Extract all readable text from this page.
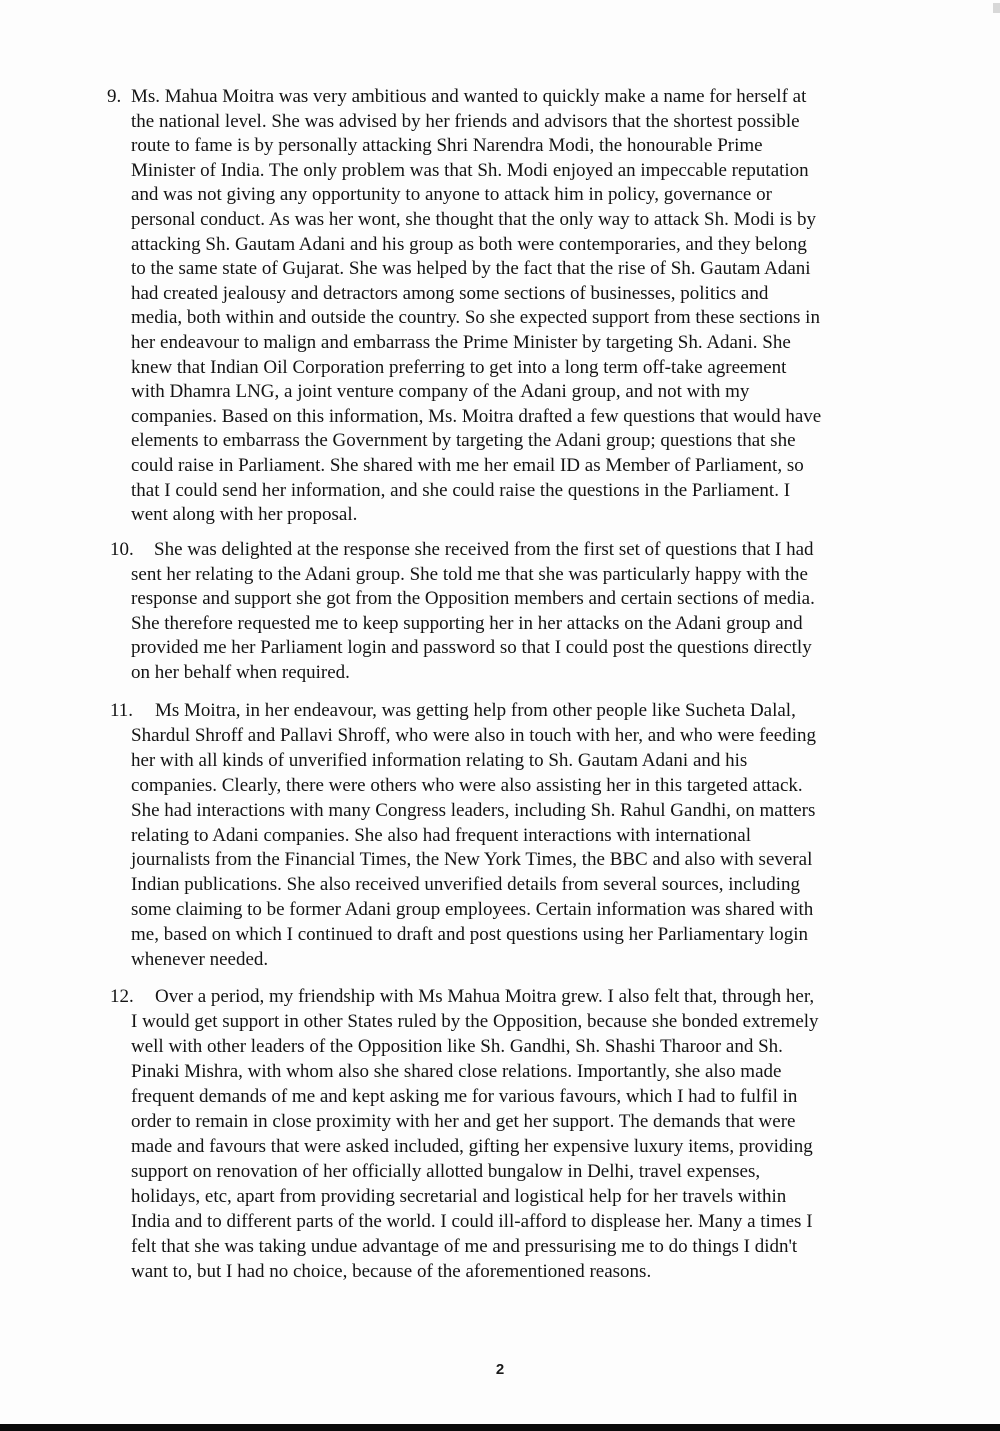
9. Ms. Mahua Moitra was very ambitious and wanted to quickly make a name for herself at
the national level. She was advised by her friends and advisors that the shortest possible
route to fame is by personally attacking Shri Narendra Modi, the honourable Prime
Minister of India. The only problem was that Sh. Modi enjoyed an impeccable reputation
and was not giving any opportunity to anyone to attack him in policy, governance or
personal conduct. As was her wont, she thought that the only way to attack Sh. Modi is by
attacking Sh. Gautam Adani and his group as both were contemporaries, and they belong
to the same state of Gujarat. She was helped by the fact that the rise of Sh. Gautam Adani
had created jealousy and detractors among some sections of businesses, politics and
media, both within and outside the country. So she expected support from these sections in
her endeavour to malign and embarrass the Prime Minister by targeting Sh. Adani. She
knew that Indian Oil Corporation preferring to get into a long term off-take agreement
with Dhamra LNG, a joint venture company of the Adani group, and not with my
companies. Based on this information, Ms. Moitra drafted a few questions that would have
elements to embarrass the Government by targeting the Adani group; questions that she
could raise in Parliament. She shared with me her email ID as Member of Parliament, so
that I could send her information, and she could raise the questions in the Parliament. I
went along with her proposal.
10. She was delighted at the response she received from the first set of questions that I had
sent her relating to the Adani group. She told me that she was particularly happy with the
response and support she got from the Opposition members and certain sections of media.
She therefore requested me to keep supporting her in her attacks on the Adani group and
provided me her Parliament login and password so that I could post the questions directly
on her behalf when required.
11. Ms Moitra, in her endeavour, was getting help from other people like Sucheta Dalal,
Shardul Shroff and Pallavi Shroff, who were also in touch with her, and who were feeding
her with all kinds of unverified information relating to Sh. Gautam Adani and his
companies. Clearly, there were others who were also assisting her in this targeted attack.
She had interactions with many Congress leaders, including Sh. Rahul Gandhi, on matters
relating to Adani companies. She also had frequent interactions with international
journalists from the Financial Times, the New York Times, the BBC and also with several
Indian publications. She also received unverified details from several sources, including
some claiming to be former Adani group employees. Certain information was shared with
me, based on which I continued to draft and post questions using her Parliamentary login
whenever needed.
12. Over a period, my friendship with Ms Mahua Moitra grew. I also felt that, through her,
I would get support in other States ruled by the Opposition, because she bonded extremely
well with other leaders of the Opposition like Sh. Gandhi, Sh. Shashi Tharoor and Sh.
Pinaki Mishra, with whom also she shared close relations. Importantly, she also made
frequent demands of me and kept asking me for various favours, which I had to fulfil in
order to remain in close proximity with her and get her support. The demands that were
made and favours that were asked included, gifting her expensive luxury items, providing
support on renovation of her officially allotted bungalow in Delhi, travel expenses,
holidays, etc, apart from providing secretarial and logistical help for her travels within
India and to different parts of the world. I could ill-afford to displease her. Many a times I
felt that she was taking undue advantage of me and pressurising me to do things I didn't
want to, but I had no choice, because of the aforementioned reasons.
2
